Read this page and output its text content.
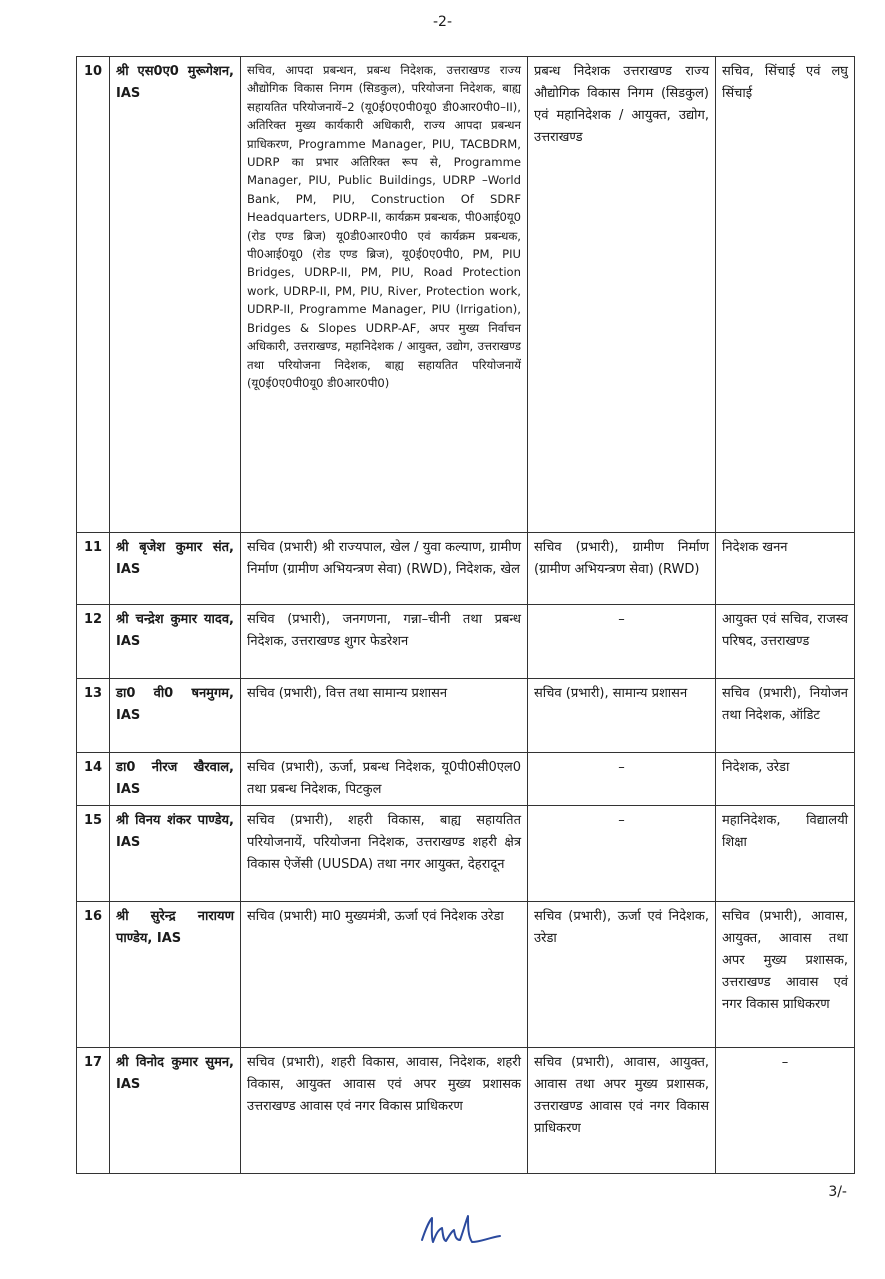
-2-
10	श्री एस0ए0 मुरूगेशन, IAS	सचिव, आपदा प्रबन्धन, प्रबन्ध निदेशक, उत्तराखण्ड राज्य औद्योगिक विकास निगम (सिडकुल), परियोजना निदेशक, बाह्य सहायतित परियोजनायें–2 (यू0ई0ए0पी0यू0 डी0आर0पी0–II), अतिरिक्त मुख्य कार्यकारी अधिकारी, राज्य आपदा प्रबन्धन प्राधिकरण, Programme Manager, PIU, TACBDRM, UDRP का प्रभार अतिरिक्त रूप से, Programme Manager, PIU, Public Buildings, UDRP –World Bank, PM, PIU, Construction Of SDRF Headquarters, UDRP-II, कार्यक्रम प्रबन्धक, पी0आई0यू0 (रोड एण्ड ब्रिज) यू0डी0आर0पी0 एवं कार्यक्रम प्रबन्धक, पी0आई0यू0 (रोड एण्ड ब्रिज), यू0ई0ए0पी0, PM, PIU Bridges, UDRP-II, PM, PIU, Road Protection work, UDRP-II, PM, PIU, River, Protection work, UDRP-II, Programme Manager, PIU (Irrigation), Bridges & Slopes UDRP-AF, अपर मुख्य निर्वाचन अधिकारी, उत्तराखण्ड, महानिदेशक / आयुक्त, उद्योग, उत्तराखण्ड तथा परियोजना निदेशक, बाह्य सहायतित परियोजनायें (यू0ई0ए0पी0यू0 डी0आर0पी0)	प्रबन्ध निदेशक उत्तराखण्ड राज्य औद्योगिक विकास निगम (सिडकुल) एवं महानिदेशक / आयुक्त, उद्योग, उत्तराखण्ड	सचिव, सिंचाई एवं लघु सिंचाई
11	श्री बृजेश कुमार संत, IAS	सचिव (प्रभारी) श्री राज्यपाल, खेल / युवा कल्याण, ग्रामीण निर्माण (ग्रामीण अभियन्त्रण सेवा) (RWD), निदेशक, खेल	सचिव (प्रभारी), ग्रामीण निर्माण (ग्रामीण अभियन्त्रण सेवा) (RWD)	निदेशक खनन
12	श्री चन्द्रेश कुमार यादव, IAS	सचिव (प्रभारी), जनगणना, गन्ना–चीनी तथा प्रबन्ध निदेशक, उत्तराखण्ड शुगर फेडरेशन	–	आयुक्त एवं सचिव, राजस्व परिषद, उत्तराखण्ड
13	डा0 वी0 षनमुगम, IAS	सचिव (प्रभारी), वित्त तथा सामान्य प्रशासन	सचिव (प्रभारी), सामान्य प्रशासन	सचिव (प्रभारी), नियोजन तथा निदेशक, ऑडिट
14	डा0 नीरज खैरवाल, IAS	सचिव (प्रभारी), ऊर्जा, प्रबन्ध निदेशक, यू0पी0सी0एल0 तथा प्रबन्ध निदेशक, पिटकुल	–	निदेशक, उरेडा
15	श्री विनय शंकर पाण्डेय, IAS	सचिव (प्रभारी), शहरी विकास, बाह्य सहायतित परियोजनायें, परियोजना निदेशक, उत्तराखण्ड शहरी क्षेत्र विकास ऐजेंसी (UUSDA) तथा नगर आयुक्त, देहरादून	–	महानिदेशक, विद्यालयी शिक्षा
16	श्री सुरेन्द्र नारायण पाण्डेय, IAS	सचिव (प्रभारी) मा0 मुख्यमंत्री, ऊर्जा एवं निदेशक उरेडा	सचिव (प्रभारी), ऊर्जा एवं निदेशक, उरेडा	सचिव (प्रभारी), आवास, आयुक्त, आवास तथा अपर मुख्य प्रशासक, उत्तराखण्ड आवास एवं नगर विकास प्राधिकरण
17	श्री विनोद कुमार सुमन, IAS	सचिव (प्रभारी), शहरी विकास, आवास, निदेशक, शहरी विकास, आयुक्त आवास एवं अपर मुख्य प्रशासक उत्तराखण्ड आवास एवं नगर विकास प्राधिकरण	सचिव (प्रभारी), आवास, आयुक्त, आवास तथा अपर मुख्य प्रशासक, उत्तराखण्ड आवास एवं नगर विकास प्राधिकरण	–
3/-
